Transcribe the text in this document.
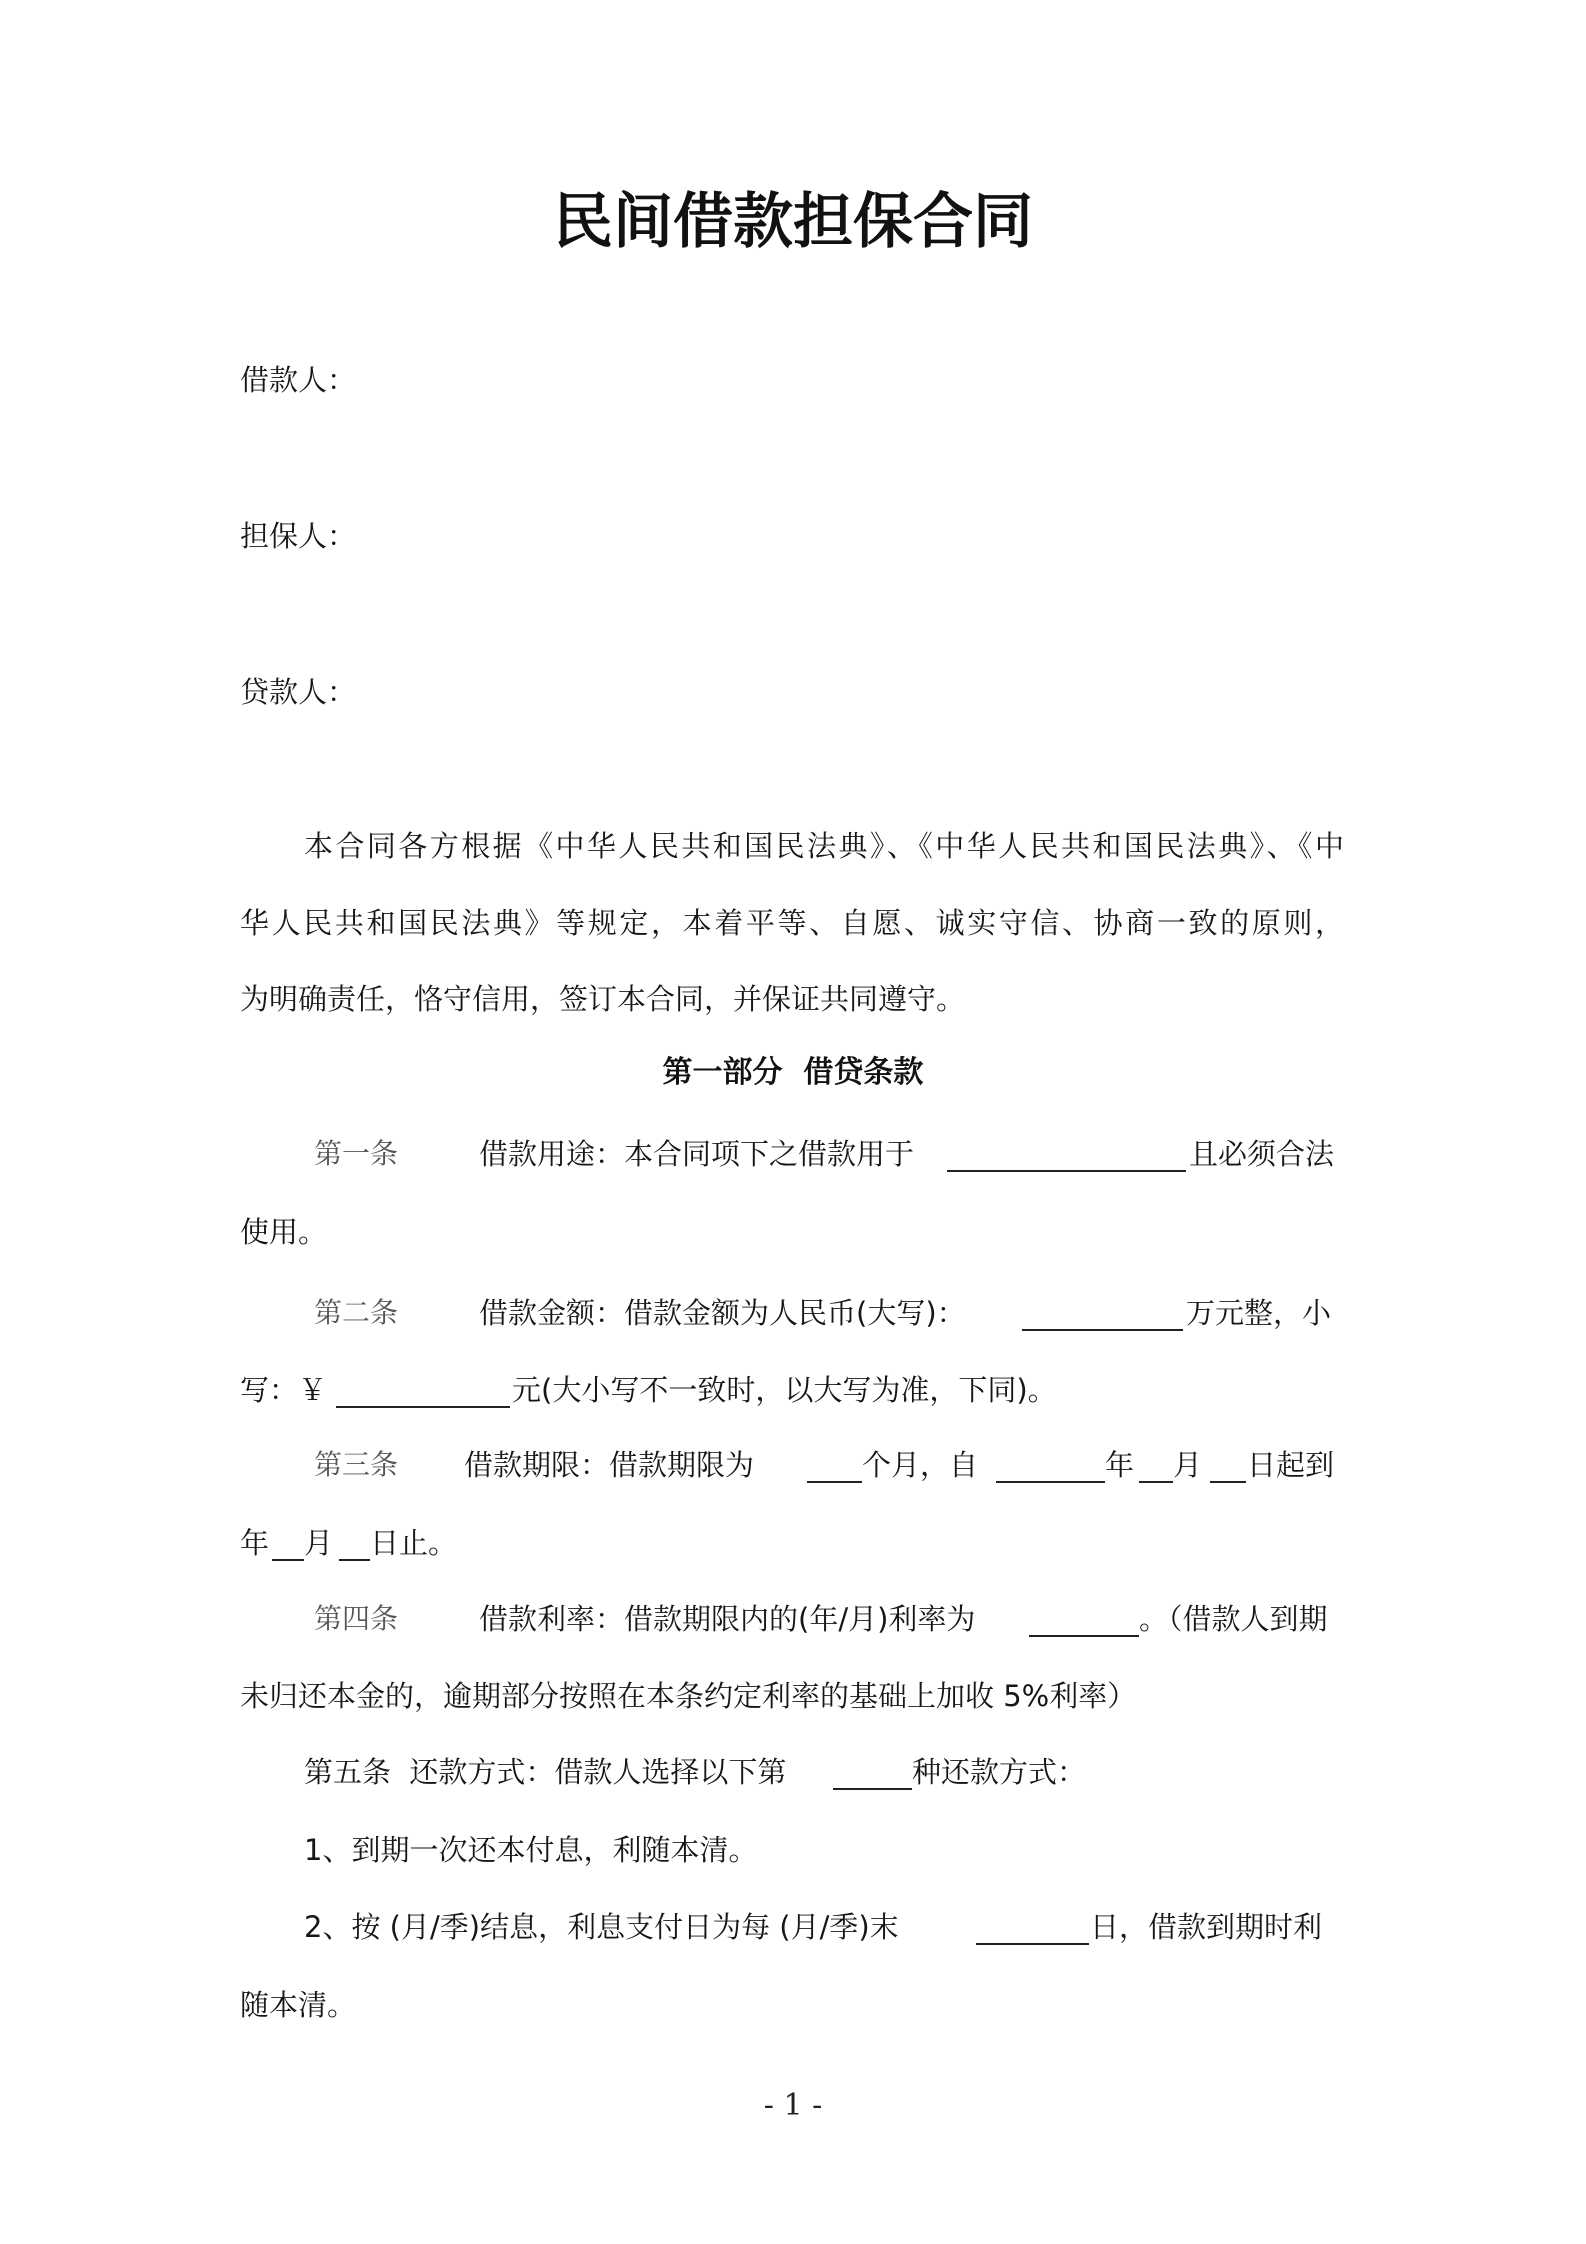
民间借款担保合同
借款人：
担保人：
贷款人：
本合同各方根据《中华人民共和国民法典》、《中华人民共和国民法典》、《中
华人民共和国民法典》等规定，本着平等、自愿、诚实守信、协商一致的原则，
为明确责任，恪守信用，签订本合同，并保证共同遵守。
第一部分  借贷条款
第一条	借款用途：本合同项下之借款用于	且必须合法
使用。
第二条	借款金额：借款金额为人民币(大写)：	万元整，小
写：￥	元(大小写不一致时，以大写为准，下同)。
第三条 借款期限：借款期限为	个月，自	年 月 日起到
年 月 日止。
第四条	借款利率：借款期限内的(年/月)利率为	。（借款人到期
未归还本金的，逾期部分按照在本条约定利率的基础上加收 5%利率）
第五条  还款方式：借款人选择以下第	种还款方式：
1、到期一次还本付息，利随本清。
2、按 (月/季)结息，利息支付日为每 (月/季)末	日，借款到期时利
随本清。
- 1 -
